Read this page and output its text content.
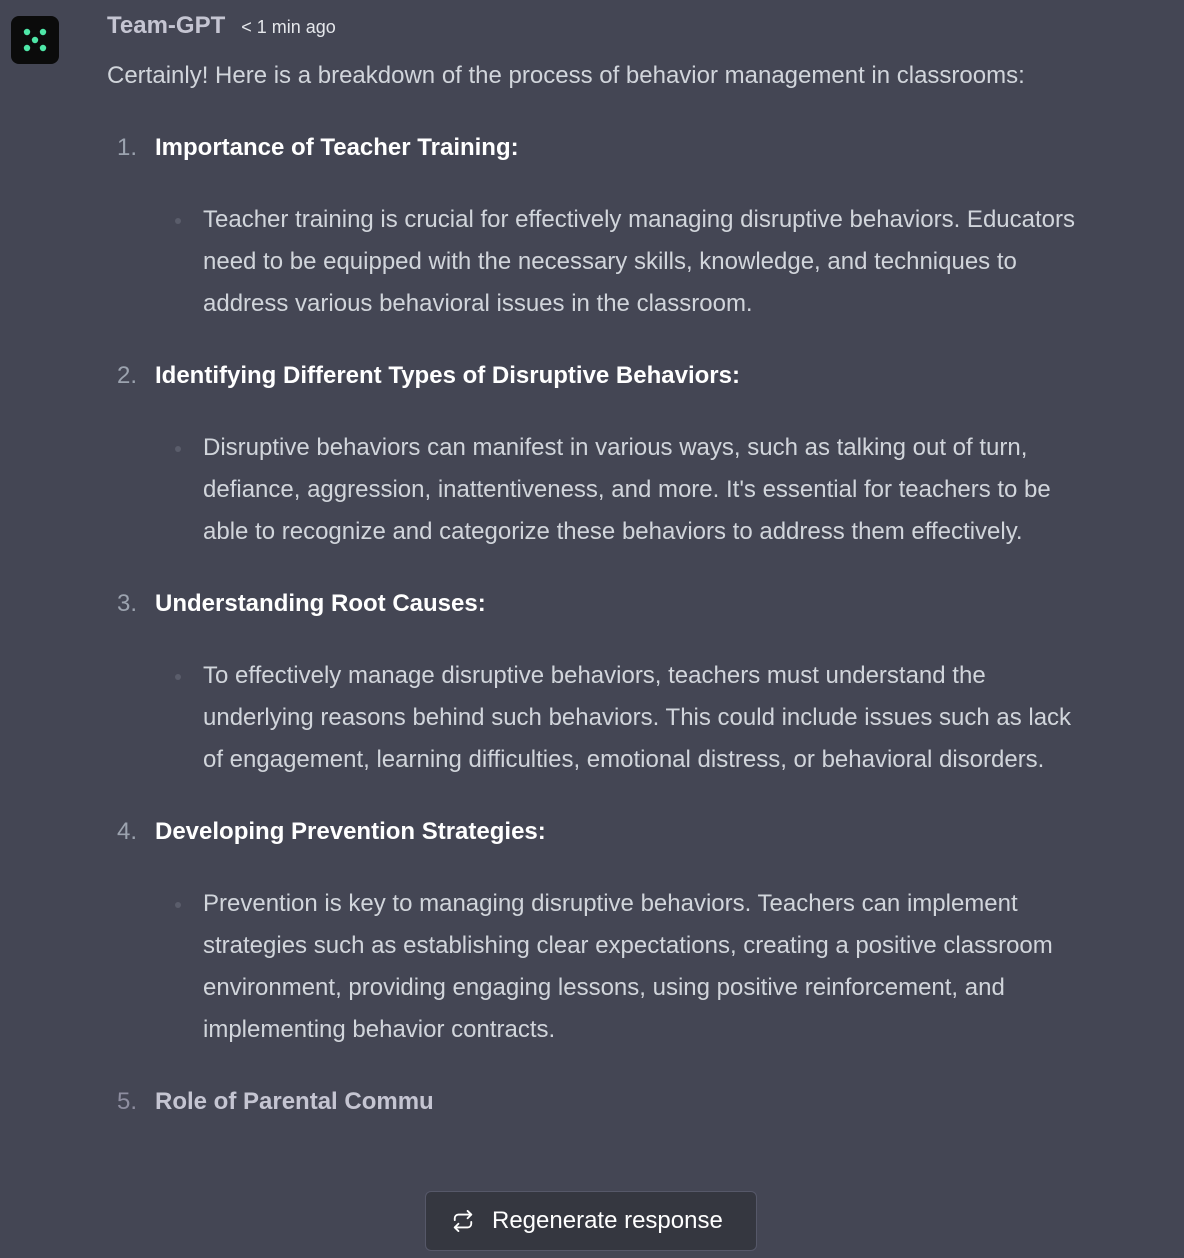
Team-GPT < 1 min ago

Certainly! Here is a breakdown of the process of behavior management in classrooms:

1. Importance of Teacher Training:
Teacher training is crucial for effectively managing disruptive behaviors. Educators need to be equipped with the necessary skills, knowledge, and techniques to address various behavioral issues in the classroom.
2. Identifying Different Types of Disruptive Behaviors:
Disruptive behaviors can manifest in various ways, such as talking out of turn, defiance, aggression, inattentiveness, and more. It's essential for teachers to be able to recognize and categorize these behaviors to address them effectively.
3. Understanding Root Causes:
To effectively manage disruptive behaviors, teachers must understand the underlying reasons behind such behaviors. This could include issues such as lack of engagement, learning difficulties, emotional distress, or behavioral disorders.
4. Developing Prevention Strategies:
Prevention is key to managing disruptive behaviors. Teachers can implement strategies such as establishing clear expectations, creating a positive classroom environment, providing engaging lessons, using positive reinforcement, and implementing behavior contracts.
5. Role of Parental Commu
Regenerate response
